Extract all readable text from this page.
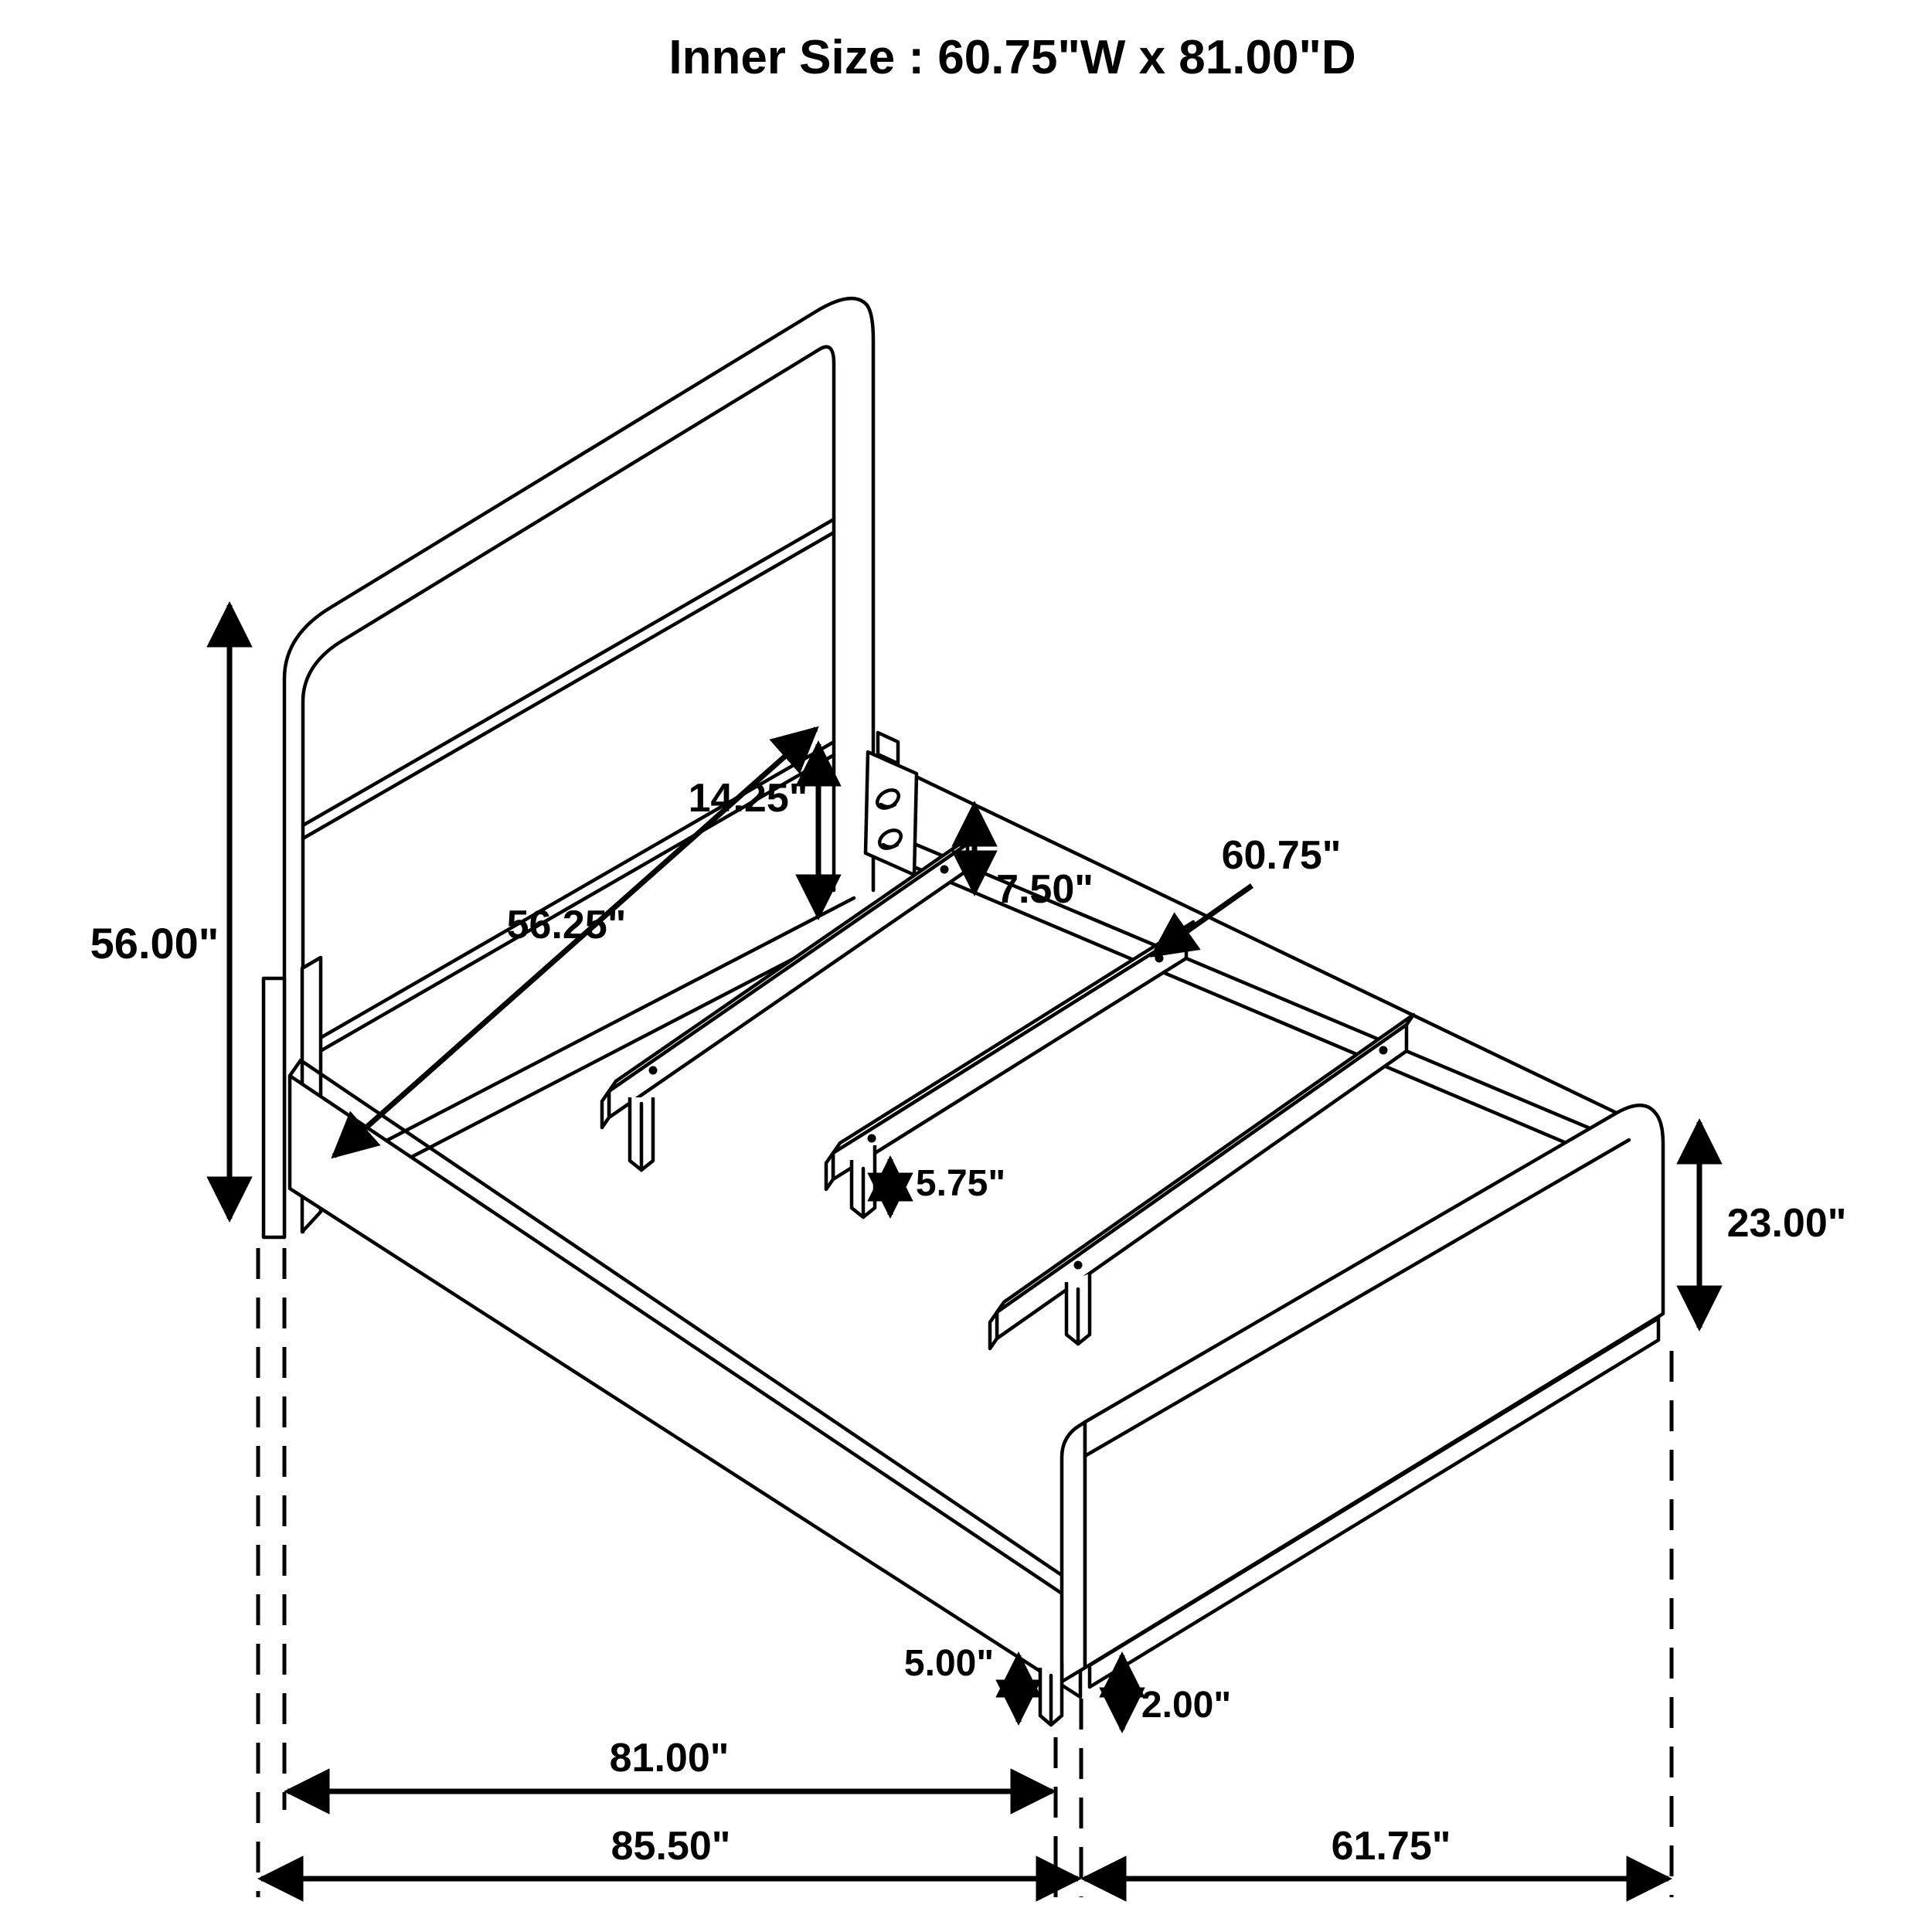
56.00"	56.25"
14.25"
7.50"
60.75"
5.75"
23.00"
5.00"
2.00"
81.00"
85.50"	61.75"
Inner Size : 60.75"W x 81.00"D
